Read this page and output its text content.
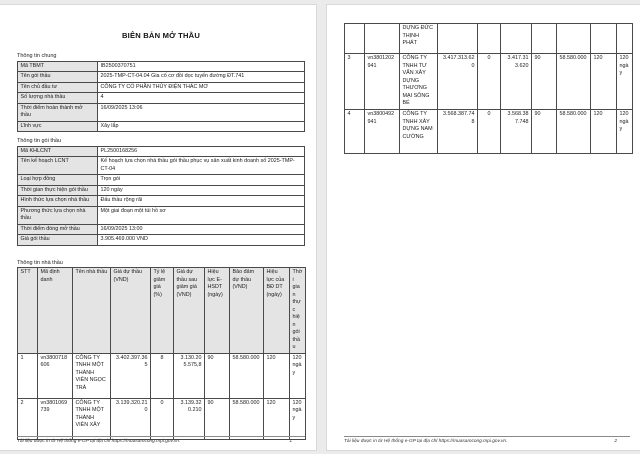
BIÊN BẢN MỞ THẦU
Thông tin chung
Mã TBMT	IB2500370751
Tên gói thầu	2025-TMP-CT-04.04 Gia cố cơ đồi dọc tuyến đường ĐT.741
Tên chủ đầu tư	CÔNG TY CỔ PHẦN THỦY ĐIỆN THÁC MƠ
Số lượng nhà thầu	4
Thời điểm hoàn thành mở thầu	16/09/2025 13:06
Lĩnh vực	Xây lắp
Thông tin gói thầu
Mã KHLCNT	PL2500168256
Tên kế hoạch LCNT	Kế hoạch lựa chọn nhà thầu gói thầu phục vụ sản xuất kinh doanh số 2025-TMP-CT-04
Loại hợp đồng	Trọn gói
Thời gian thực hiện gói thầu	120 ngày
Hình thức lựa chọn nhà thầu	Đấu thầu rộng rãi
Phương thức lựa chọn nhà thầu	Một giai đoạn một túi hồ sơ
Thời điểm đóng mở thầu	16/09/2025 13:00
Giá gói thầu	3.905.469.000 VND
Thông tin nhà thầu
STT	Mã định danh	Tên nhà thầu	Giá dự thầu (VND)	Tỷ lệ giảm giá (%)	Giá dự thầu sau giảm giá (VND)	Hiệu lực E-HSDT (ngày)	Bảo đảm dự thầu (VND)	Hiệu lực của BĐ DT (ngày)	Thời gian thực hiện gói thầu
1	vn3800718606	CÔNG TY TNHH MỘT THÀNH VIÊN NGỌC TRÀ	3.402.397.365	8	3.130.205.575,8	90	58.580.000	120	120 ngày
2	vn3801069739	CÔNG TY TNHH MỘT THÀNH VIÊN XÂY	3.139.320.210	0	3.139.320.210	90	58.580.000	120	120 ngày
Tài liệu được in từ Hệ thống e-GP tại địa chỉ https://muasamcong.mpi.gov.vn.	1
		DỰNG ĐỨC THỊNH PHÁT							
3	vn3801202941	CÔNG TY TNHH TƯ VẤN XÂY DỰNG THƯƠNG MẠI SÔNG BÉ	3.417.313.620	0	3.417.313.620	90	58.580.000	120	120 ngày
4	vn3800492941	CÔNG TY TNHH XÂY DỰNG NAM CƯỜNG	3.568.387.748	0	3.568.387.748	90	58.580.000	120	120 ngày
Tài liệu được in từ Hệ thống e-GP tại địa chỉ https://muasamcong.mpi.gov.vn.	2
